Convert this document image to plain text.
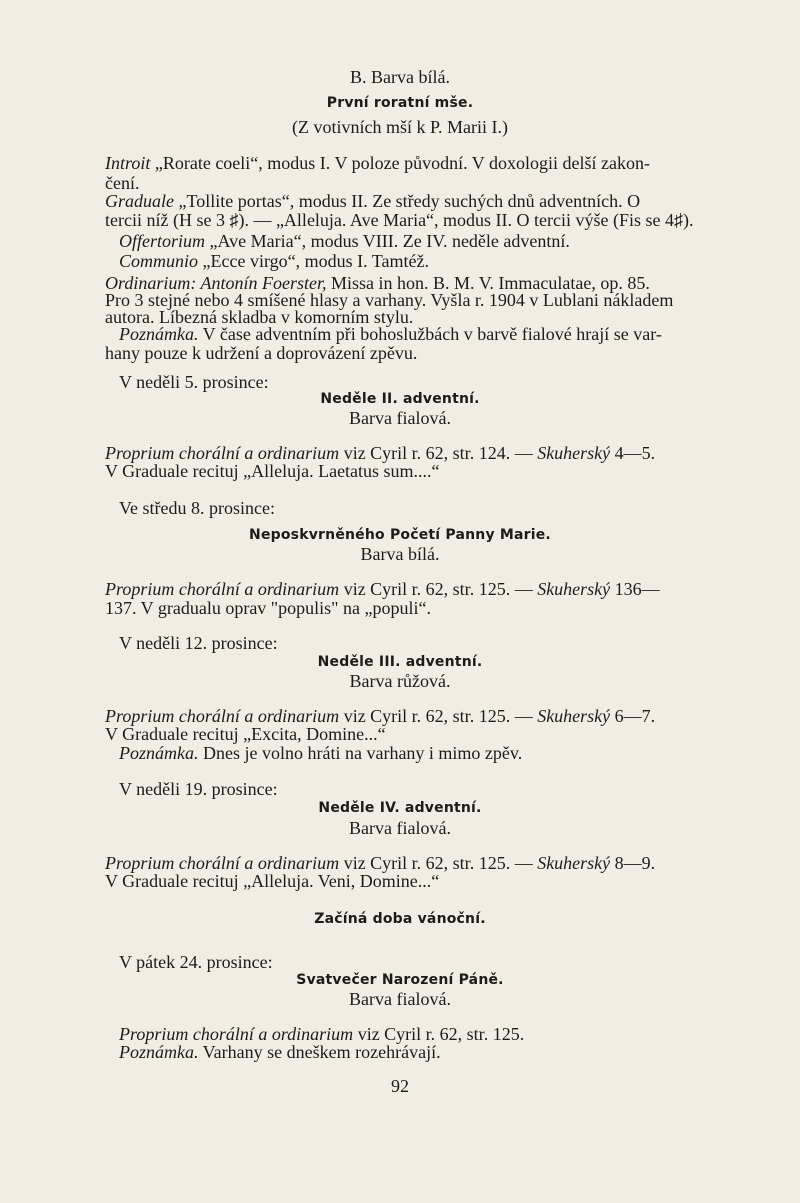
B. Barva bílá.
První roratní mše.
(Z votivních mší k P. Marii I.)
Introit „Rorate coeli“, modus I. V poloze původní. V doxologii delší zakon-
čení.
Graduale „Tollite portas“, modus II. Ze středy suchých dnů adventních. O
tercii níž (H se 3 ♯). — „Alleluja. Ave Maria“, modus II. O tercii výše (Fis se 4♯).
Offertorium „Ave Maria“, modus VIII. Ze IV. neděle adventní.
Communio „Ecce virgo“, modus I. Tamtéž.
Ordinarium: Antonín Foerster, Missa in hon. B. M. V. Immaculatae, op. 85.
Pro 3 stejné nebo 4 smíšené hlasy a varhany. Vyšla r. 1904 v Lublani nákladem
autora. Líbezná skladba v komorním stylu.
Poznámka. V čase adventním při bohoslužbách v barvě fialové hrají se var-
hany pouze k udržení a doprovázení zpěvu.
V neděli 5. prosince:
Neděle II. adventní.
Barva fialová.
Proprium chorální a ordinarium viz Cyril r. 62, str. 124. — Skuherský 4—5.
V Graduale recituj „Alleluja. Laetatus sum....“
Ve středu 8. prosince:
Neposkvrněného Početí Panny Marie.
Barva bílá.
Proprium chorální a ordinarium viz Cyril r. 62, str. 125. — Skuherský 136—
137. V gradualu oprav "populis" na „populi“.
V neděli 12. prosince:
Neděle III. adventní.
Barva růžová.
Proprium chorální a ordinarium viz Cyril r. 62, str. 125. — Skuherský 6—7.
V Graduale recituj „Excita, Domine...“
Poznámka. Dnes je volno hráti na varhany i mimo zpěv.
V neděli 19. prosince:
Neděle IV. adventní.
Barva fialová.
Proprium chorální a ordinarium viz Cyril r. 62, str. 125. — Skuherský 8—9.
V Graduale recituj „Alleluja. Veni, Domine...“
Začíná doba vánoční.
V pátek 24. prosince:
Svatvečer Narození Páně.
Barva fialová.
Proprium chorální a ordinarium viz Cyril r. 62, str. 125.
Poznámka. Varhany se dneškem rozehrávají.
92
